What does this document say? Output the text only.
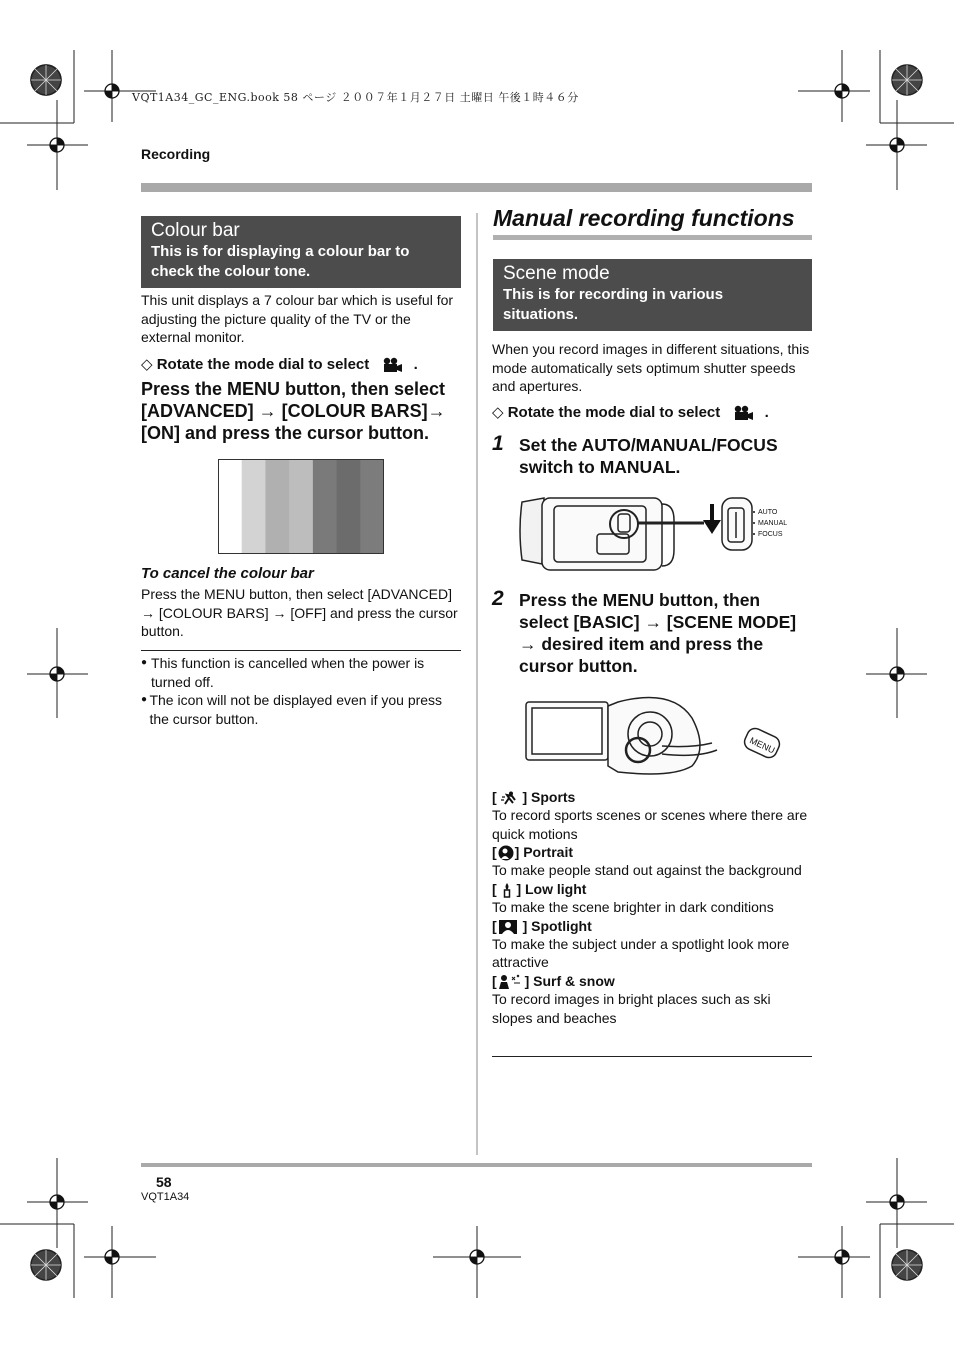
VQT1A34_GC_ENG.book 58 ページ ２００７年１月２７日 土曜日 午後１時４６分
Recording
Colour bar
This is for displaying a colour bar to check the colour tone.
This unit displays a 7 colour bar which is useful for adjusting the picture quality of the TV or the external monitor.
◇ Rotate the mode dial to select	.
Press the MENU button, then select
[ADVANCED] → [COLOUR BARS]→
[ON] and press the cursor button.
To cancel the colour bar
Press the MENU button, then select [ADVANCED] → [COLOUR BARS] → [OFF] and press the cursor button.
● This function is cancelled when the power is turned off.
● The icon will not be displayed even if you press the cursor button.
Manual recording functions
Scene mode
This is for recording in various situations.
When you record images in different situations, this mode automatically sets optimum shutter speeds and apertures.
◇ Rotate the mode dial to select	.
1 Set the AUTO/MANUAL/FOCUS switch to MANUAL.
AUTO
MANUAL
FOCUS
2 Press the MENU button, then select [BASIC] → [SCENE MODE] → desired item and press the cursor button.
MENU
[  ] Sports
To record sports scenes or scenes where there are quick motions
[ ] Portrait
To make people stand out against the background
[  ] Low light
To make the scene brighter in dark conditions
[ ] Spotlight
To make the subject under a spotlight look more attractive
[ ] Surf & snow
To record images in bright places such as ski slopes and beaches
58
VQT1A34
